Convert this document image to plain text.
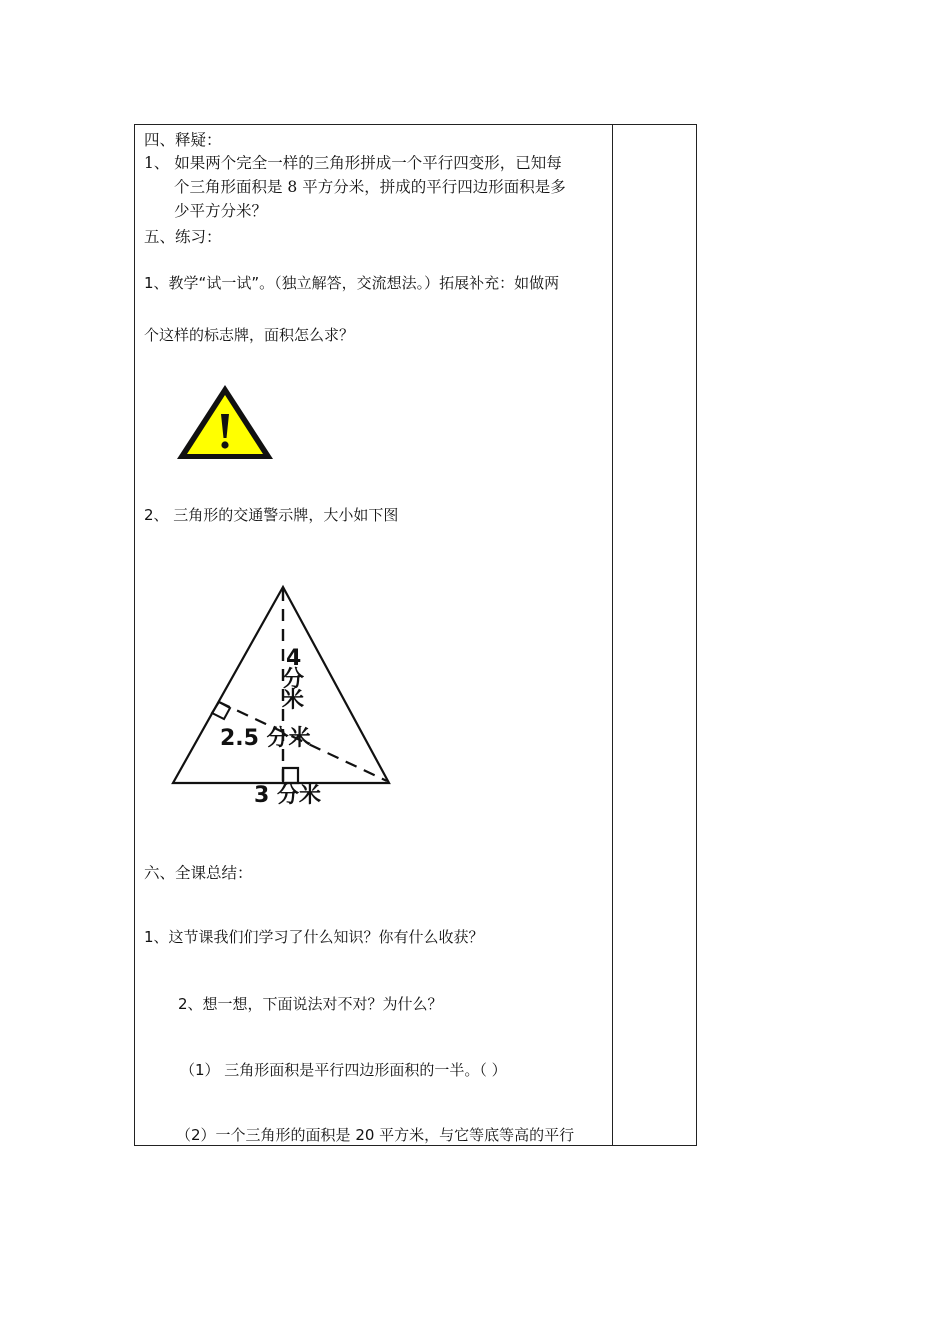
四、释疑：
1、 如果两个完全一样的三角形拼成一个平行四变形，已知每
个三角形面积是 8 平方分米，拼成的平行四边形面积是多
少平方分米？
五、练习：
1、教学“试一试”。（独立解答，交流想法。）拓展补充：如做两
个这样的标志牌，面积怎么求？
2、 三角形的交通警示牌，大小如下图
4
分
米
2.5 分米
3 分米
六、全课总结：
1、这节课我们们学习了什么知识？你有什么收获？
2、想一想，下面说法对不对？为什么？
（1） 三角形面积是平行四边形面积的一半。（ ）
（2）一个三角形的面积是 20 平方米，与它等底等高的平行
